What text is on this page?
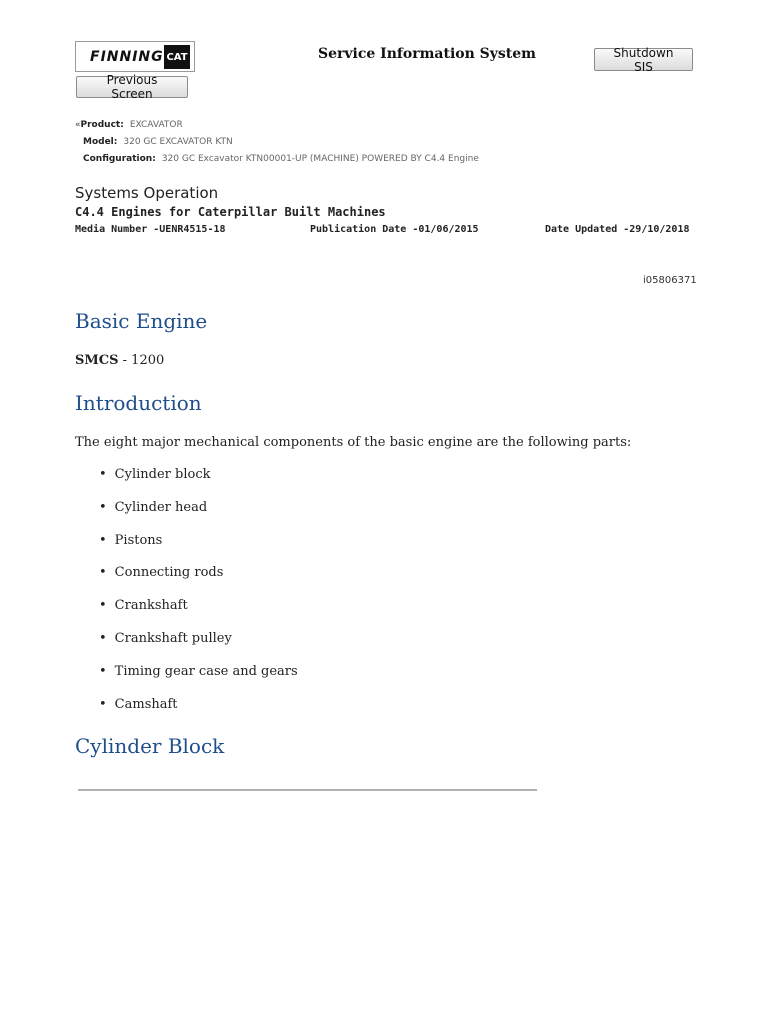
FINNING CAT	Service Information System	Shutdown SIS
Previous Screen
«Product: EXCAVATOR
Model: 320 GC EXCAVATOR KTN
Configuration: 320 GC Excavator KTN00001-UP (MACHINE) POWERED BY C4.4 Engine
Systems Operation
C4.4 Engines for Caterpillar Built Machines
Media Number -UENR4515-18	Publication Date -01/06/2015	Date Updated -29/10/2018
i05806371
Basic Engine
SMCS - 1200
Introduction
The eight major mechanical components of the basic engine are the following parts:
• Cylinder block
• Cylinder head
• Pistons
• Connecting rods
• Crankshaft
• Crankshaft pulley
• Timing gear case and gears
• Camshaft
Cylinder Block
